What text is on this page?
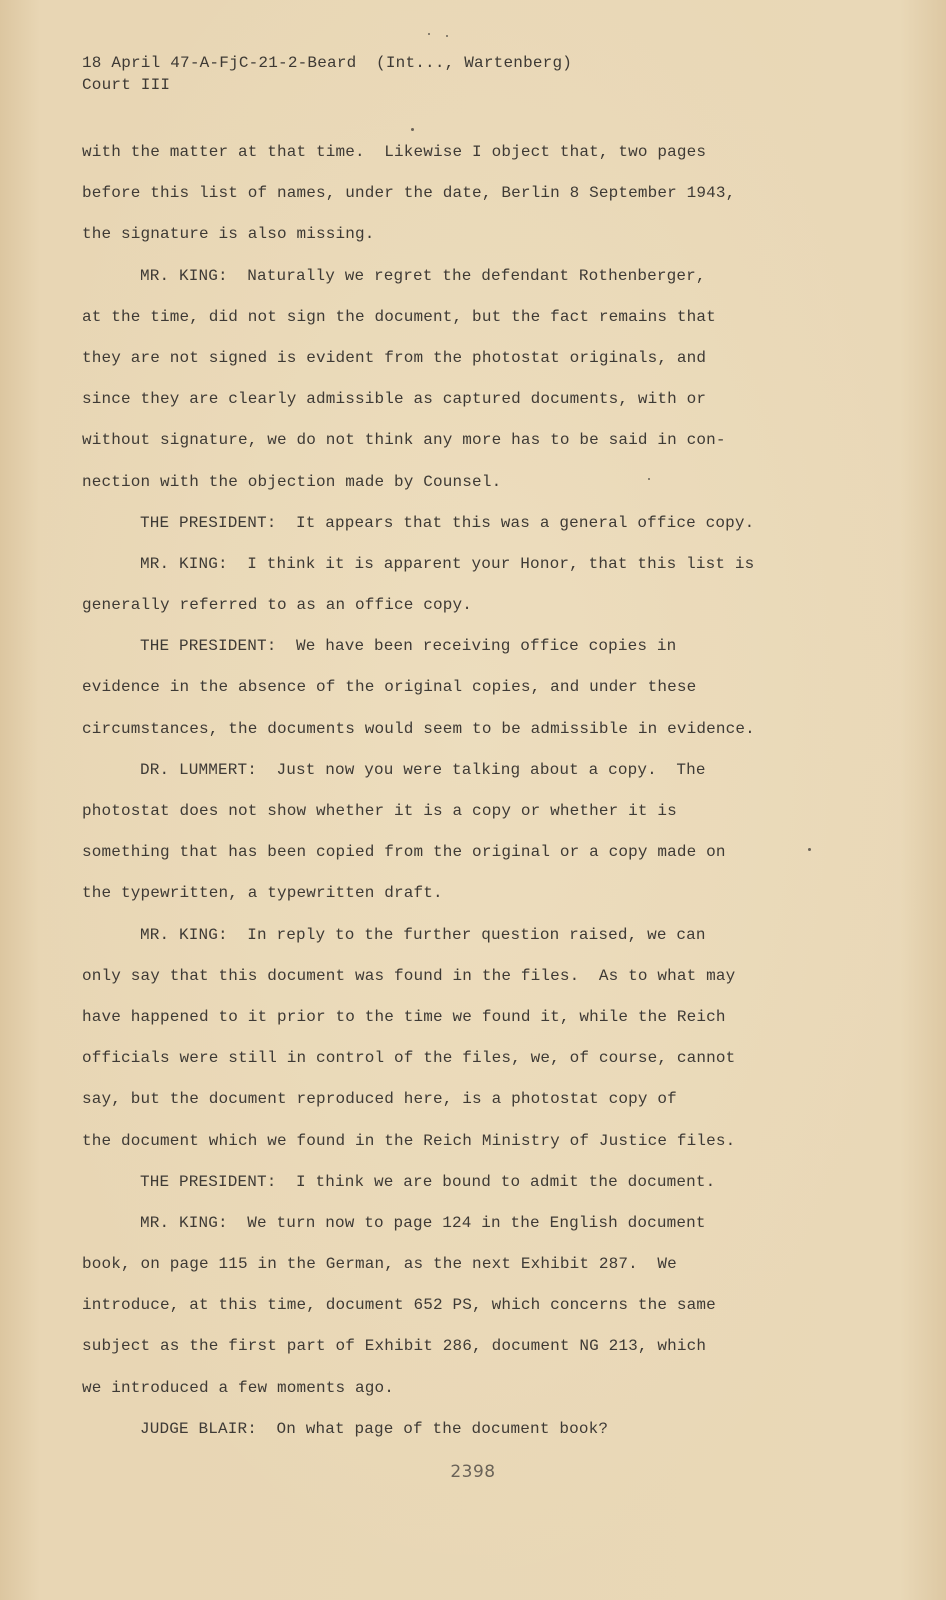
18 April 47-A-FjC-21-2-Beard  (Int..., Wartenberg)
Court III
with the matter at that time.  Likewise I object that, two pages
before this list of names, under the date, Berlin 8 September 1943,
the signature is also missing.
MR. KING:  Naturally we regret the defendant Rothenberger,
at the time, did not sign the document, but the fact remains that
they are not signed is evident from the photostat originals, and
since they are clearly admissible as captured documents, with or
without signature, we do not think any more has to be said in con-
nection with the objection made by Counsel.
THE PRESIDENT:  It appears that this was a general office copy.
MR. KING:  I think it is apparent your Honor, that this list is
generally referred to as an office copy.
THE PRESIDENT:  We have been receiving office copies in
evidence in the absence of the original copies, and under these
circumstances, the documents would seem to be admissible in evidence.
DR. LUMMERT:  Just now you were talking about a copy.  The
photostat does not show whether it is a copy or whether it is
something that has been copied from the original or a copy made on
the typewritten, a typewritten draft.
MR. KING:  In reply to the further question raised, we can
only say that this document was found in the files.  As to what may
have happened to it prior to the time we found it, while the Reich
officials were still in control of the files, we, of course, cannot
say, but the document reproduced here, is a photostat copy of
the document which we found in the Reich Ministry of Justice files.
THE PRESIDENT:  I think we are bound to admit the document.
MR. KING:  We turn now to page 124 in the English document
book, on page 115 in the German, as the next Exhibit 287.  We
introduce, at this time, document 652 PS, which concerns the same
subject as the first part of Exhibit 286, document NG 213, which
we introduced a few moments ago.
JUDGE BLAIR:  On what page of the document book?
2398
